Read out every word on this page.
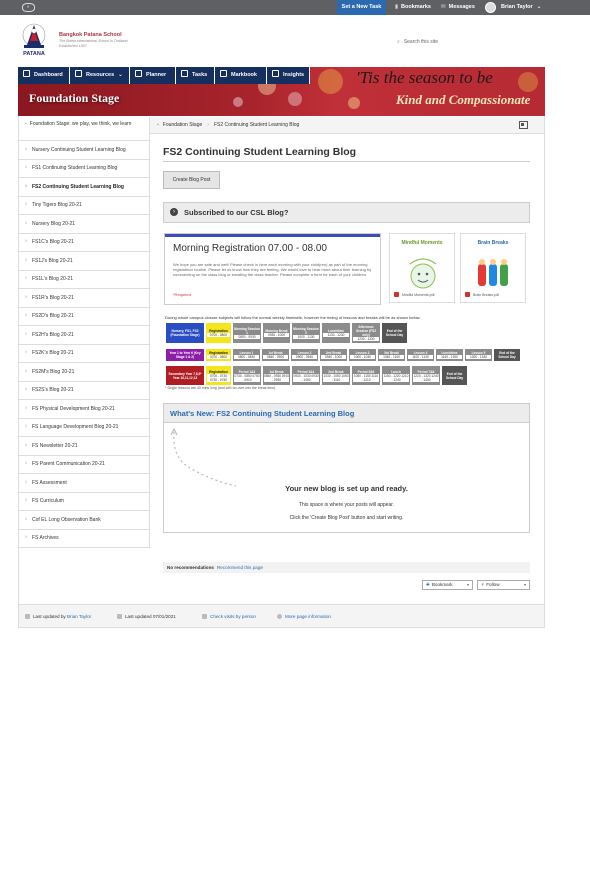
◐	Set a New Task	▮ Bookmarks ✉ Messages	Brian Taylor ⌄
PATANA
Bangkok Patana School
The British International School in Thailand
Established 1957
⌕ Search this site
Dashboard	Resources ⌄	Planner	Tasks	Markbook	Insights
Foundation Stage
'Tis the season to be
Kind and Compassionate
▪ Foundation Stage: we play, we think, we learn
› Nursery Continuing Student Learning Blog
› FS1 Continuing Student Learning Blog
› FS2 Continuing Student Learning Blog
› Tiny Tigers Blog 20-21
› Nursery Blog 20-21
› FS1C's Blog 20-21
› FS1J's Blog 20-21
› FS1L's Blog 20-21
› FS1R's Blog 20-21
› FS2D's Blog 20-21
› FS2H's Blog 20-21
› FS2K's Blog 20-21
› FS2M's Blog 20-21
› FS2S's Blog 20-21
› FS Physical Development Blog 20-21
› FS Language Development Blog 20-21
› FS Newsletter 20-21
› FS Parent Communication 20-21
› FS Assessment
› FS Curriculum
› Cof EL Long Observation Bank
› FS Archives
▪ Foundation Stage › FS2 Continuing Student Learning Blog
FS2 Continuing Student Learning Blog
Create Blog Post
Subscribed to our CSL Blog?
›
Morning Registration 07.00 - 08.00
We hope you are safe and well! Please check in here each morning with your child(ren) as part of the morning registration routine. Please let us know how they are feeling. We would love to hear more about their learning by commenting on the class blog or emailing the class teacher. Please complete a form for each of your children.
*Required
Mindful Moments
Mindful Moments.pdf
Brain Breaks
Brain Breaks.pdf
During whole campus closure subjects will follow the normal weekly timetable, however the timing of lessons and breaks will be as shown below.
Nursery, FS1, FS2 (Foundation Stage)
Registration
0700 - 0800
Morning Session 1
0800 - 0930
Morning Break
0930 - 1000
Morning Session 2
1000 - 1130
Lunchtime
1130 - 1230
Afternoon Session (FS2 only)
1230 - 1330
End of the School Day
Year 1 to Year 6 (Key Stage 1 & 2)
Registration
0700 - 0800
Lesson 1
0800 - 0840
1st Break
0840 - 0900
Lesson 2
0900 - 0940
2nd Break
0940 - 1000
Lesson 3
1000 - 1040
3rd Break
1040 - 1100
Lesson 4
1100 - 1140
Lunchtime
1140 - 1300
Lesson 5
1300 - 1340
End of the School Day
Secondary Year 7,8,9* Year 10,11,12,13
Registration
0700 - 0730 0730 - 0750
Period 1&2
0730 - 0850 0750 - 0910
1st Break
0850 - 0930 0910 - 0930
Period 3&4
0930 - 1030 0930 - 1050
2nd Break
1030 - 1050 1050 - 1110
Period 5&6
1050 - 1150 1110 - 1210
Lunch
1150 - 1220 1210 - 1240
Period 7&8
1220 - 1320 1240 - 1400
End of the School Day
* Single lessons are 40 mins long (and will run over into the break time)
What's New: FS2 Continuing Student Learning Blog
Your new blog is set up and ready.
This space is where your posts will appear.
Click the 'Create Blog Post' button and start writing.
No recommendations Recommend this page
✚ Bookmark	▾	⚡ Follow	▾
Last updated by Brian Taylor	Last updated 07/01/2021	Check visits by person	More page information
